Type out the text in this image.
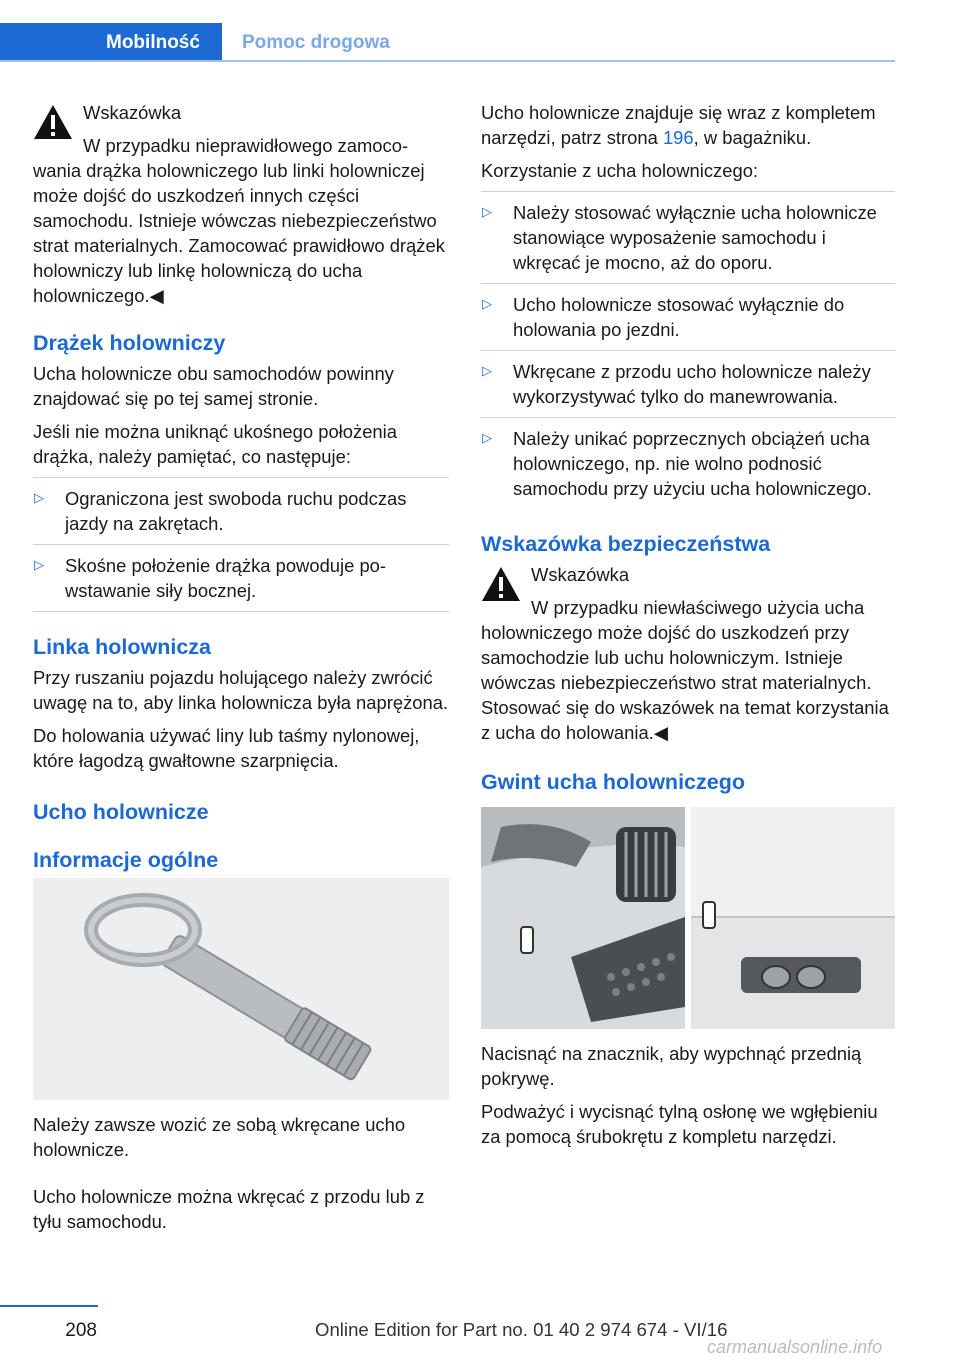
Mobilność	Pomoc drogowa
Wskazówka

W przypadku nieprawidłowego zamocowania drążka holowniczego lub linki holowniczej może dojść do uszkodzeń innych części samochodu. Istnieje wówczas niebezpieczeństwo strat materialnych. Zamocować prawidłowo drążek holowniczy lub linkę holowniczą do ucha holowniczego.◀

Drążek holowniczy

Ucha holownicze obu samochodów powinny znajdować się po tej samej stronie.

Jeśli nie można uniknąć ukośnego położenia drążka, należy pamiętać, co następuje:

▷ Ograniczona jest swoboda ruchu podczas jazdy na zakrętach.
▷ Skośne położenie drążka powoduje powstawanie siły bocznej.
Linka holownicza

Przy ruszaniu pojazdu holującego należy zwrócić uwagę na to, aby linka holownicza była naprężona.

Do holowania używać liny lub taśmy nylonowej, które łagodzą gwałtowne szarpnięcia.

Ucho holownicze
Informacje ogólne

Należy zawsze wozić ze sobą wkręcane ucho holownicze.

Ucho holownicze można wkręcać z przodu lub z tyłu samochodu.

Ucho holownicze znajduje się wraz z kompletem narzędzi, patrz strona 196, w bagażniku.

Korzystanie z ucha holowniczego:

▷ Należy stosować wyłącznie ucha holownicze stanowiące wyposażenie samochodu i wkręcać je mocno, aż do oporu.
▷ Ucho holownicze stosować wyłącznie do holowania po jezdni.
▷ Wkręcane z przodu ucho holownicze należy wykorzystywać tylko do manewrowania.
▷ Należy unikać poprzecznych obciążeń ucha holowniczego, np. nie wolno podnosić samochodu przy użyciu ucha holowniczego.
Wskazówka bezpieczeństwa
Wskazówka

W przypadku niewłaściwego użycia ucha holowniczego może dojść do uszkodzeń przy samochodzie lub uchu holowniczym. Istnieje wówczas niebezpieczeństwo strat materialnych. Stosować się do wskazówek na temat korzystania z ucha do holowania.◀

Gwint ucha holowniczego

Nacisnąć na znacznik, aby wypchnąć przednią pokrywę.

Podważyć i wycisnąć tylną osłonę we wgłębieniu za pomocą śrubokrętu z kompletu narzędzi.

208	Online Edition for Part no. 01 40 2 974 674 - VI/16
carmanualsonline.info
